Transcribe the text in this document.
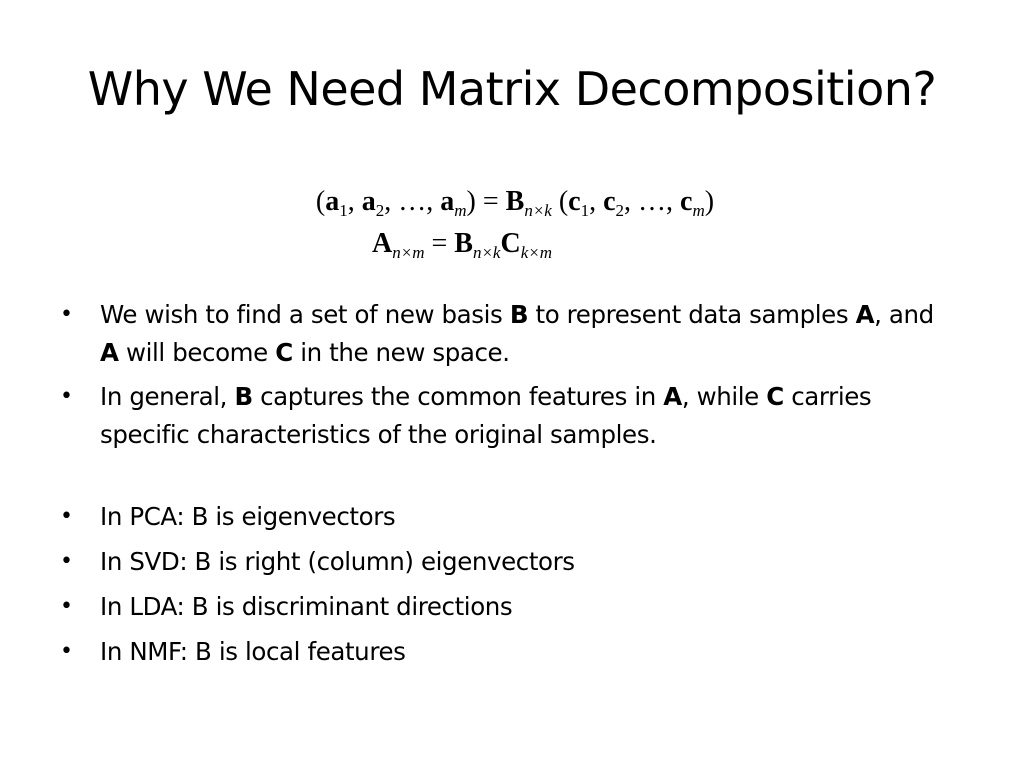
Why We Need Matrix Decomposition?
($a_1$, $a_2$, …, $a_m) = B_{n\times k}$ ($c_1$, $c_2$, …, $c_m$)
$A_{n\times m} = B_{n\times k}C_{k\times m}$
• We wish to find a set of new basis B to represent data samples A, and A will become C in the new space.
• In general, B captures the common features in A, while C carries specific characteristics of the original samples.
• In PCA: B is eigenvectors
• In SVD: B is right (column) eigenvectors
• In LDA: B is discriminant directions
• In NMF: B is local features
